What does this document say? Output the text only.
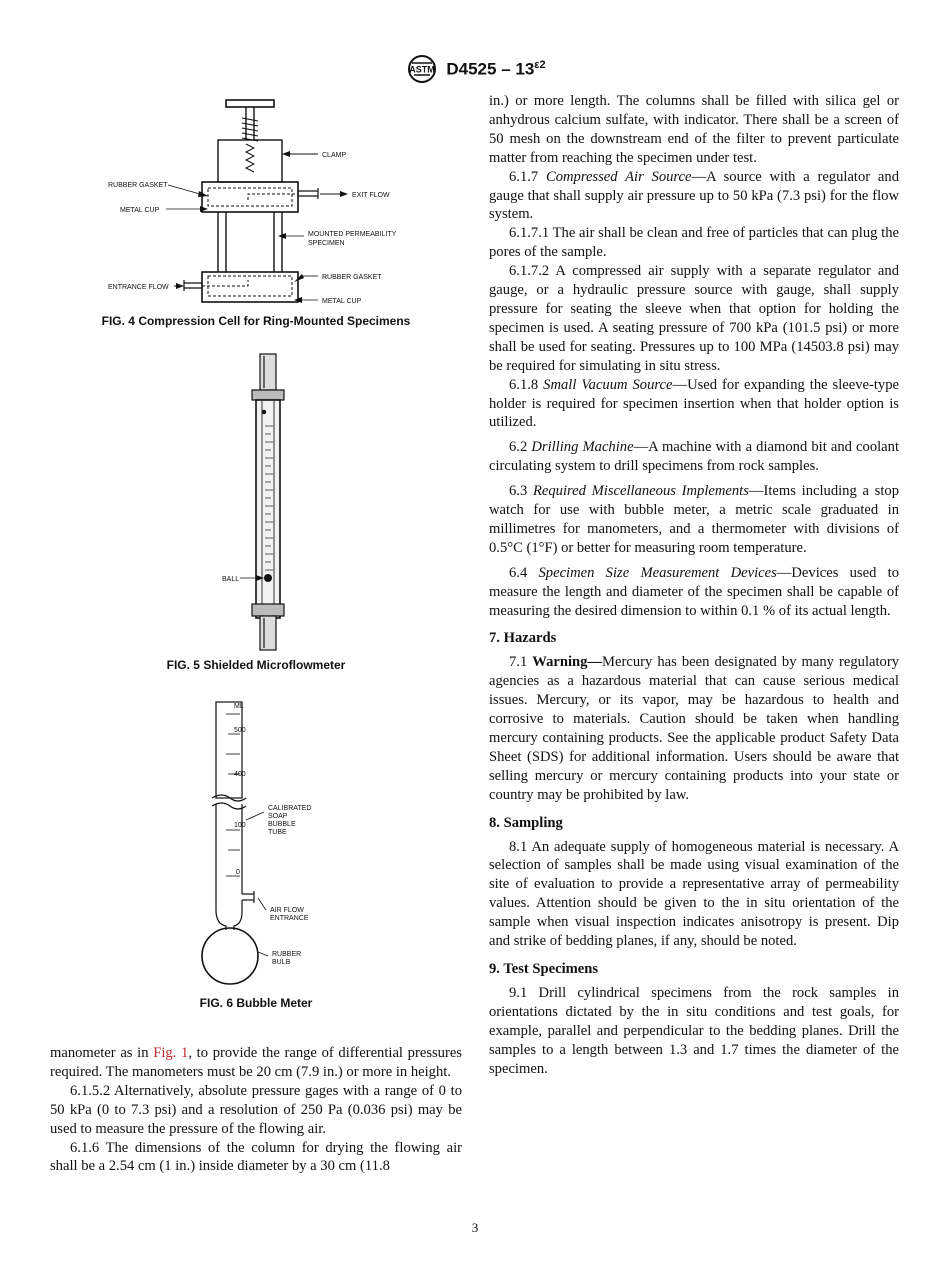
ASTM $D4525 - 13^{\varepsilon 2}$
CLAMP
EXIT FLOW
RUBBER GASKET
METAL CUP
MOUNTED PERMEABILITY
SPECIMEN
RUBBER GASKET
ENTRANCE FLOW
METAL CUP
FIG. 4 Compression Cell for Ring-Mounted Specimens
BALL
FIG. 5 Shielded Microflowmeter
ML
500
400
100
0
CALIBRATED
SOAP
BUBBLE
TUBE
AIR FLOW
ENTRANCE
RUBBER
BULB
FIG. 6 Bubble Meter

manometer as in Fig. 1, to provide the range of differential pressures required. The manometers must be 20 cm (7.9 in.) or more in height.

6.1.5.2 Alternatively, absolute pressure gages with a range of 0 to 50 kPa (0 to 7.3 psi) and a resolution of 250 Pa (0.036 psi) may be used to measure the pressure of the flowing air.

6.1.6 The dimensions of the column for drying the flowing air shall be a 2.54 cm (1 in.) inside diameter by a 30 cm (11.8

in.) or more length. The columns shall be filled with silica gel or anhydrous calcium sulfate, with indicator. There shall be a screen of 50 mesh on the downstream end of the filter to prevent particulate matter from reaching the specimen under test.

6.1.7 Compressed Air Source—A source with a regulator and gauge that shall supply air pressure up to 50 kPa (7.3 psi) for the flow system.

6.1.7.1 The air shall be clean and free of particles that can plug the pores of the sample.

6.1.7.2 A compressed air supply with a separate regulator and gauge, or a hydraulic pressure source with gauge, shall supply pressure for seating the sleeve when that option for holding the specimen is used. A seating pressure of 700 kPa (101.5 psi) or more shall be used for seating. Pressures up to 100 MPa (14503.8 psi) may be required for simulating in situ stress.

6.1.8 Small Vacuum Source—Used for expanding the sleeve-type holder is required for specimen insertion when that holder option is utilized.

6.2 Drilling Machine—A machine with a diamond bit and coolant circulating system to drill specimens from rock samples.

6.3 Required Miscellaneous Implements—Items including a stop watch for use with bubble meter, a metric scale graduated in millimetres for manometers, and a thermometer with divisions of 0.5°C (1°F) or better for measuring room temperature.

6.4 Specimen Size Measurement Devices—Devices used to measure the length and diameter of the specimen shall be capable of measuring the desired dimension to within 0.1 % of its actual length.

7. Hazards

7.1 Warning—Mercury has been designated by many regulatory agencies as a hazardous material that can cause serious medical issues. Mercury, or its vapor, may be hazardous to health and corrosive to materials. Caution should be taken when handling mercury containing products. See the applicable product Safety Data Sheet (SDS) for additional information. Users should be aware that selling mercury or mercury containing products into your state or country may be prohibited by law.

8. Sampling

8.1 An adequate supply of homogeneous material is necessary. A selection of samples shall be made using visual examination of the site of evaluation to provide a representative array of permeability values. Attention should be given to the in situ orientation of the sample when visual inspection indicates anisotropy is present. Dip and strike of bedding planes, if any, should be noted.

9. Test Specimens

9.1 Drill cylindrical specimens from the rock samples in orientations dictated by the in situ conditions and test goals, for example, parallel and perpendicular to the bedding planes. Drill the samples to a length between 1.3 and 1.7 times the diameter of the specimen.

3
